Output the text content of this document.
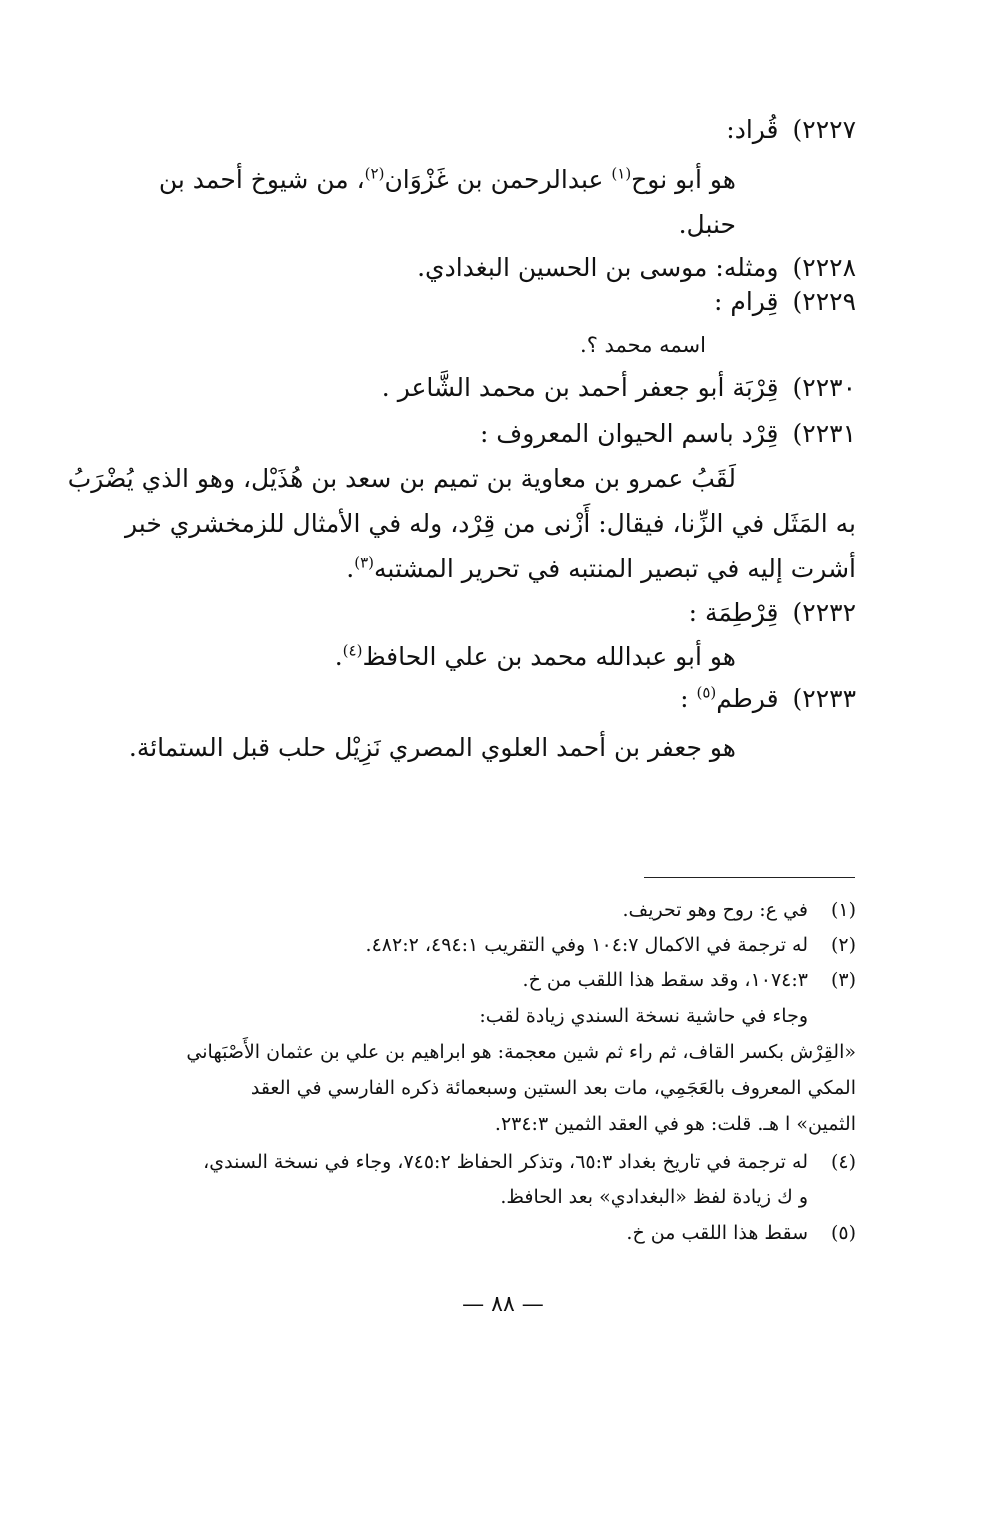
٢٢٢٧)قُراد:
هو أبو نوح$^{(١)}$ عبدالرحمن بن غَزْوَان$^{(٢)}$، من شيوخ أحمد بن
حنبل.
٢٢٢٨)ومثله: موسى بن الحسين البغدادي.
٢٢٢٩)قِرام :
اسمه محمد ؟.
٢٢٣٠)قِرْبَة أبو جعفر أحمد بن محمد الشَّاعر .
٢٢٣١)قِرْد باسم الحيوان المعروف :
لَقَبُ عمرو بن معاوية بن تميم بن سعد بن هُذَيْل، وهو الذي يُضْرَبُ
به المَثَل في الزِّنا، فيقال: أَزْنى من قِرْد، وله في الأمثال للزمخشري خبر
أشرت إليه في تبصير المنتبه في تحرير المشتبه$^{(٣)}$.
٢٢٣٢)قِرْطِمَة :
هو أبو عبدالله محمد بن علي الحافظ$^{(٤)}$.
٢٢٣٣)قرطم$^{(٥)}$ :
هو جعفر بن أحمد العلوي المصري نَزِيْل حلب قبل الستمائة.
(١)
في ع: روح وهو تحريف.
(٢)
له ترجمة في الاكمال ١٠٤:٧ وفي التقريب ٤٩٤:١، ٤٨٢:٢.
(٣)
١٠٧٤:٣، وقد سقط هذا اللقب من خ.
وجاء في حاشية نسخة السندي زيادة لقب:
«القِرْش بكسر القاف، ثم راء ثم شين معجمة: هو ابراهيم بن علي بن عثمان الأَصْبَهاني
المكي المعروف بالعَجَمِي، مات بعد الستين وسبعمائة ذكره الفارسي في العقد
الثمين» ا هـ. قلت: هو في العقد الثمين ٢٣٤:٣.
(٤)
له ترجمة في تاريخ بغداد ٦٥:٣، وتذكر الحفاظ ٧٤٥:٢، وجاء في نسخة السندي،
و ك زيادة لفظ «البغدادي» بعد الحافظ.
(٥)
سقط هذا اللقب من خ.
— ٨٨ —
